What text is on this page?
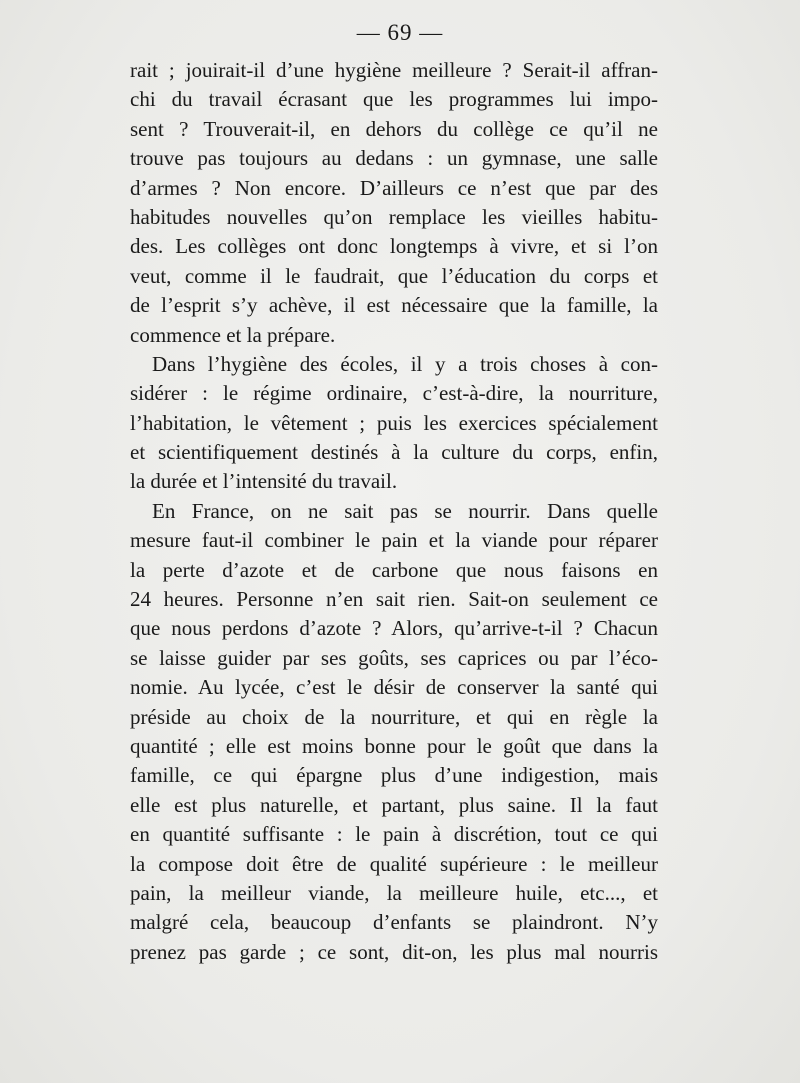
— 69 —
rait ; jouirait-il d’une hygiène meilleure ? Serait-il affran-
chi du travail écrasant que les programmes lui impo-
sent ? Trouverait-il, en dehors du collège ce qu’il ne
trouve pas toujours au dedans : un gymnase, une salle
d’armes ? Non encore. D’ailleurs ce n’est que par des
habitudes nouvelles qu’on remplace les vieilles habitu-
des. Les collèges ont donc longtemps à vivre, et si l’on
veut, comme il le faudrait, que l’éducation du corps et
de l’esprit s’y achève, il est nécessaire que la famille, la
commence et la prépare.
Dans l’hygiène des écoles, il y a trois choses à con-
sidérer : le régime ordinaire, c’est-à-dire, la nourriture,
l’habitation, le vêtement ; puis les exercices spécialement
et scientifiquement destinés à la culture du corps, enfin,
la durée et l’intensité du travail.
En France, on ne sait pas se nourrir. Dans quelle
mesure faut-il combiner le pain et la viande pour réparer
la perte d’azote et de carbone que nous faisons en
24 heures. Personne n’en sait rien. Sait-on seulement ce
que nous perdons d’azote ? Alors, qu’arrive-t-il ? Chacun
se laisse guider par ses goûts, ses caprices ou par l’éco-
nomie. Au lycée, c’est le désir de conserver la santé qui
préside au choix de la nourriture, et qui en règle la
quantité ; elle est moins bonne pour le goût que dans la
famille, ce qui épargne plus d’une indigestion, mais
elle est plus naturelle, et partant, plus saine. Il la faut
en quantité suffisante : le pain à discrétion, tout ce qui
la compose doit être de qualité supérieure : le meilleur
pain, la meilleur viande, la meilleure huile, etc..., et
malgré cela, beaucoup d’enfants se plaindront. N’y
prenez pas garde ; ce sont, dit-on, les plus mal nourris
